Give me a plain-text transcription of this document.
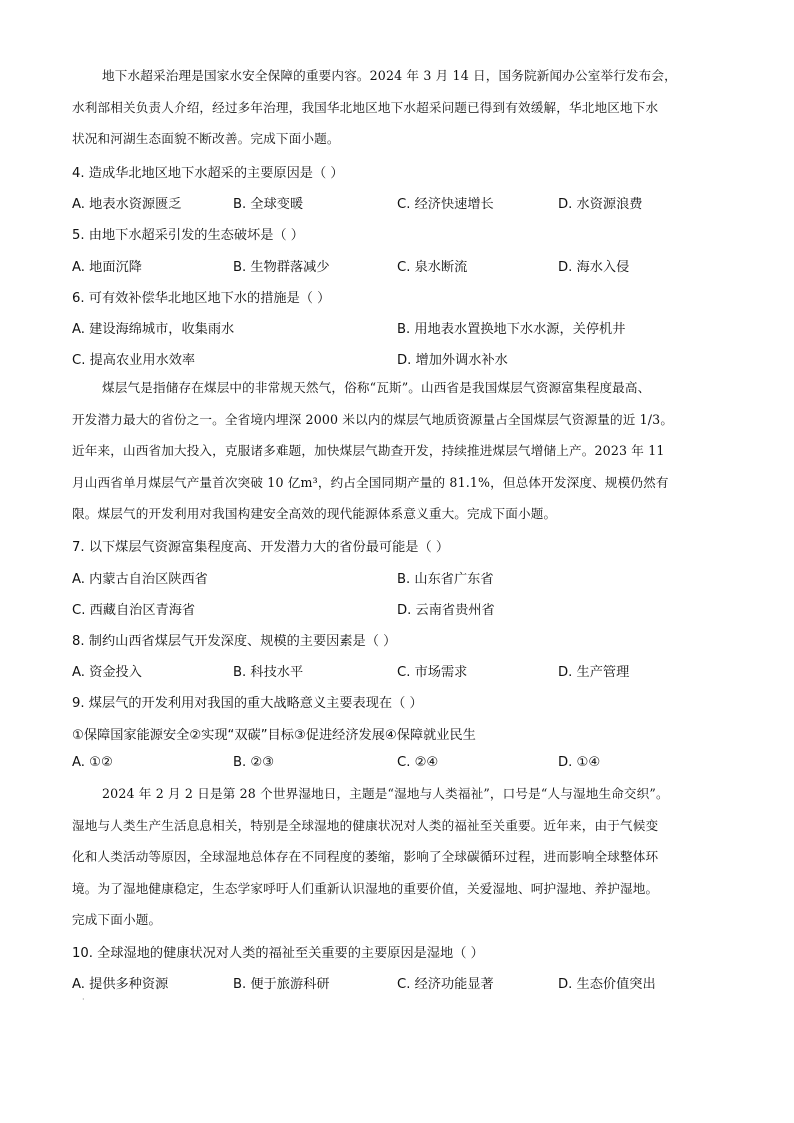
地下水超采治理是国家水安全保障的重要内容。2024 年 3 月 14 日，国务院新闻办公室举行发布会，
水利部相关负责人介绍，经过多年治理，我国华北地区地下水超采问题已得到有效缓解，华北地区地下水
状况和河湖生态面貌不断改善。完成下面小题。
4. 造成华北地区地下水超采的主要原因是（ ）
A. 地表水资源匮乏	B. 全球变暖	C. 经济快速增长	D. 水资源浪费
5. 由地下水超采引发的生态破坏是（ ）
A. 地面沉降	B. 生物群落减少	C. 泉水断流	D. 海水入侵
6. 可有效补偿华北地区地下水的措施是（ ）
A. 建设海绵城市，收集雨水	B. 用地表水置换地下水水源，关停机井
C. 提高农业用水效率	D. 增加外调水补水
煤层气是指储存在煤层中的非常规天然气，俗称“瓦斯”。山西省是我国煤层气资源富集程度最高、
开发潜力最大的省份之一。全省境内埋深 2000 米以内的煤层气地质资源量占全国煤层气资源量的近 1/3。
近年来，山西省加大投入，克服诸多难题，加快煤层气勘查开发，持续推进煤层气增储上产。2023 年 11
月山西省单月煤层气产量首次突破 10 亿m³，约占全国同期产量的 81.1%，但总体开发深度、规模仍然有
限。煤层气的开发利用对我国构建安全高效的现代能源体系意义重大。完成下面小题。
7. 以下煤层气资源富集程度高、开发潜力大的省份最可能是（ ）
A. 内蒙古自治区陕西省	B. 山东省广东省
C. 西藏自治区青海省	D. 云南省贵州省
8. 制约山西省煤层气开发深度、规模的主要因素是（ ）
A. 资金投入	B. 科技水平	C. 市场需求	D. 生产管理
9. 煤层气的开发利用对我国的重大战略意义主要表现在（ ）
①保障国家能源安全②实现“双碳”目标③促进经济发展④保障就业民生
A. ①②	B. ②③	C. ②④	D. ①④
2024 年 2 月 2 日是第 28 个世界湿地日，主题是“湿地与人类福祉”，口号是“人与湿地生命交织”。
湿地与人类生产生活息息相关，特别是全球湿地的健康状况对人类的福祉至关重要。近年来，由于气候变
化和人类活动等原因，全球湿地总体存在不同程度的萎缩，影响了全球碳循环过程，进而影响全球整体环
境。为了湿地健康稳定，生态学家呼吁人们重新认识湿地的重要价值，关爱湿地、呵护湿地、养护湿地。
完成下面小题。
10. 全球湿地的健康状况对人类的福祉至关重要的主要原因是湿地（ ）
A. 提供多种资源	B. 便于旅游科研	C. 经济功能显著	D. 生态价值突出
·
